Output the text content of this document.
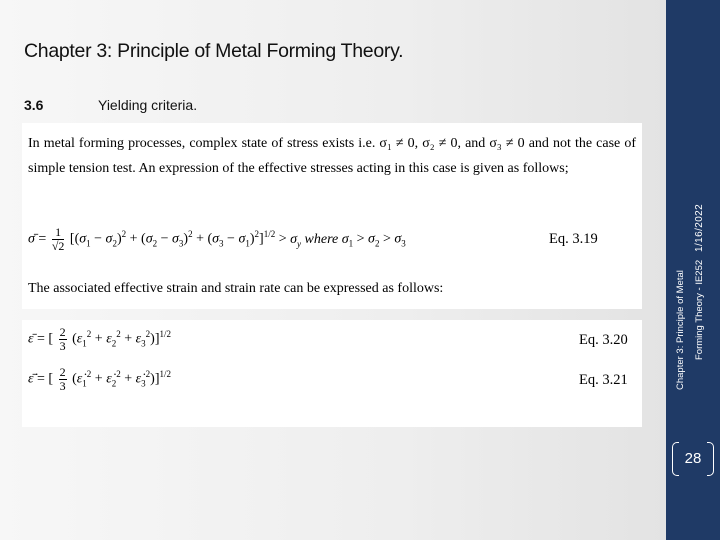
Chapter 3: Principle of Metal Forming Theory.
3.6	Yielding criteria.
In metal forming processes, complex state of stress exists i.e. σ₁ ≠ 0, σ₂ ≠ 0, and σ₃ ≠ 0 and not the case of simple tension test. An expression of the effective stresses acting in this case is given as follows;
σ̄ = $\frac{1}{√2} [(\sigma_1 - \sigma_2)^2 + (\sigma_2 - \sigma_3)^2 + (\sigma_3 - \sigma_1)^2]^{1/2} > \sigma_y$ where $\sigma_1 > \sigma_2 > \sigma_3$	Eq. 3.19
The associated effective strain and strain rate can be expressed as follows:
ε̄ = [ $\frac{2}{3} (\varepsilon_1^2 + \varepsilon_2^2 + \varepsilon_3^2)]^{1/2}$	Eq. 3.20
ε̄̇ = [ $\frac{2}{3}$ ($\varepsiloṅ_1^2$ + $\varepsiloṅ_2^2$ + $\varepsiloṅ_3^2)]^{1/2}$	Eq. 3.21	Chapter 3: Principle of Metal Forming Theory - IE252
1/16/2022
28
